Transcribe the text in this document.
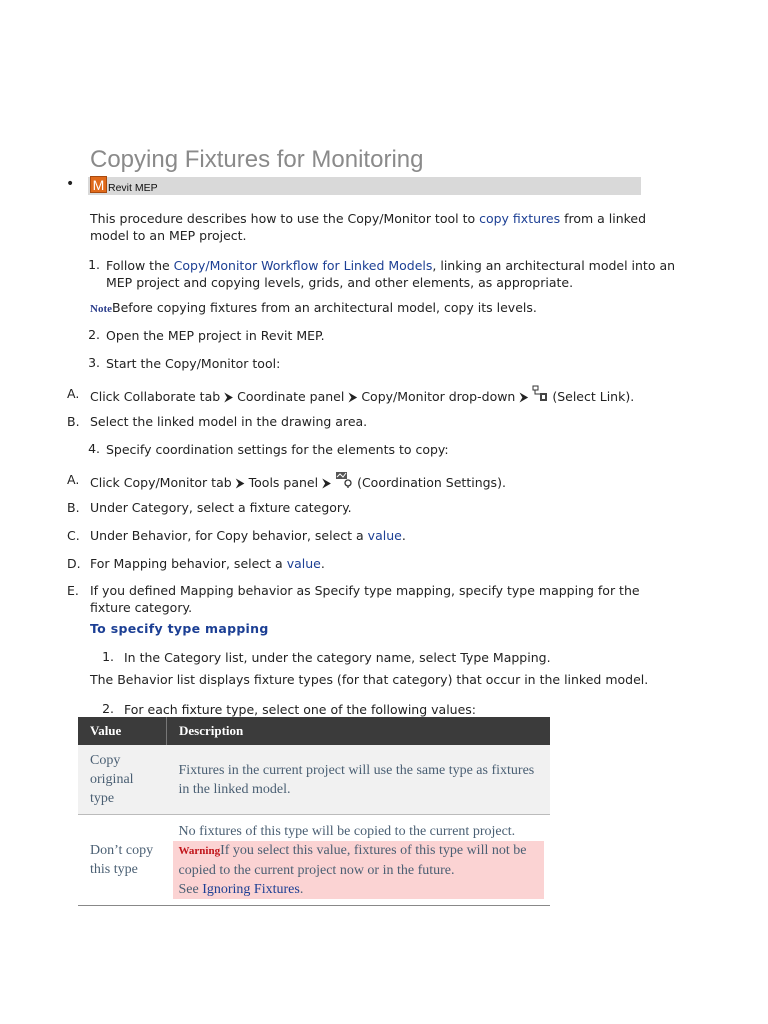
Copying Fixtures for Monitoring
• M Revit MEP
This procedure describes how to use the Copy/Monitor tool to copy fixtures from a linked model to an MEP project.
1. Follow the Copy/Monitor Workflow for Linked Models, linking an architectural model into an MEP project and copying levels, grids, and other elements, as appropriate.
NoteBefore copying fixtures from an architectural model, copy its levels.
2. Open the MEP project in Revit MEP.
3. Start the Copy/Monitor tool:
A. Click Collaborate tab ⮞ Coordinate panel ⮞ Copy/Monitor drop-down ⮞  (Select Link).
B. Select the linked model in the drawing area.
4. Specify coordination settings for the elements to copy:
A. Click Copy/Monitor tab ⮞ Tools panel ⮞  (Coordination Settings).
B. Under Category, select a fixture category.
C. Under Behavior, for Copy behavior, select a value.
D. For Mapping behavior, select a value.
E. If you defined Mapping behavior as Specify type mapping, specify type mapping for the fixture category.
To specify type mapping
1. In the Category list, under the category name, select Type Mapping.
The Behavior list displays fixture types (for that category) that occur in the linked model.
2. For each fixture type, select one of the following values:
Value	Description
Copy original type	Fixtures in the current project will use the same type as fixtures in the linked model.
Don’t copy this type	No fixtures of this type will be copied to the current project.
WarningIf you select this value, fixtures of this type will not be copied to the current project now or in the future.
See Ignoring Fixtures.
